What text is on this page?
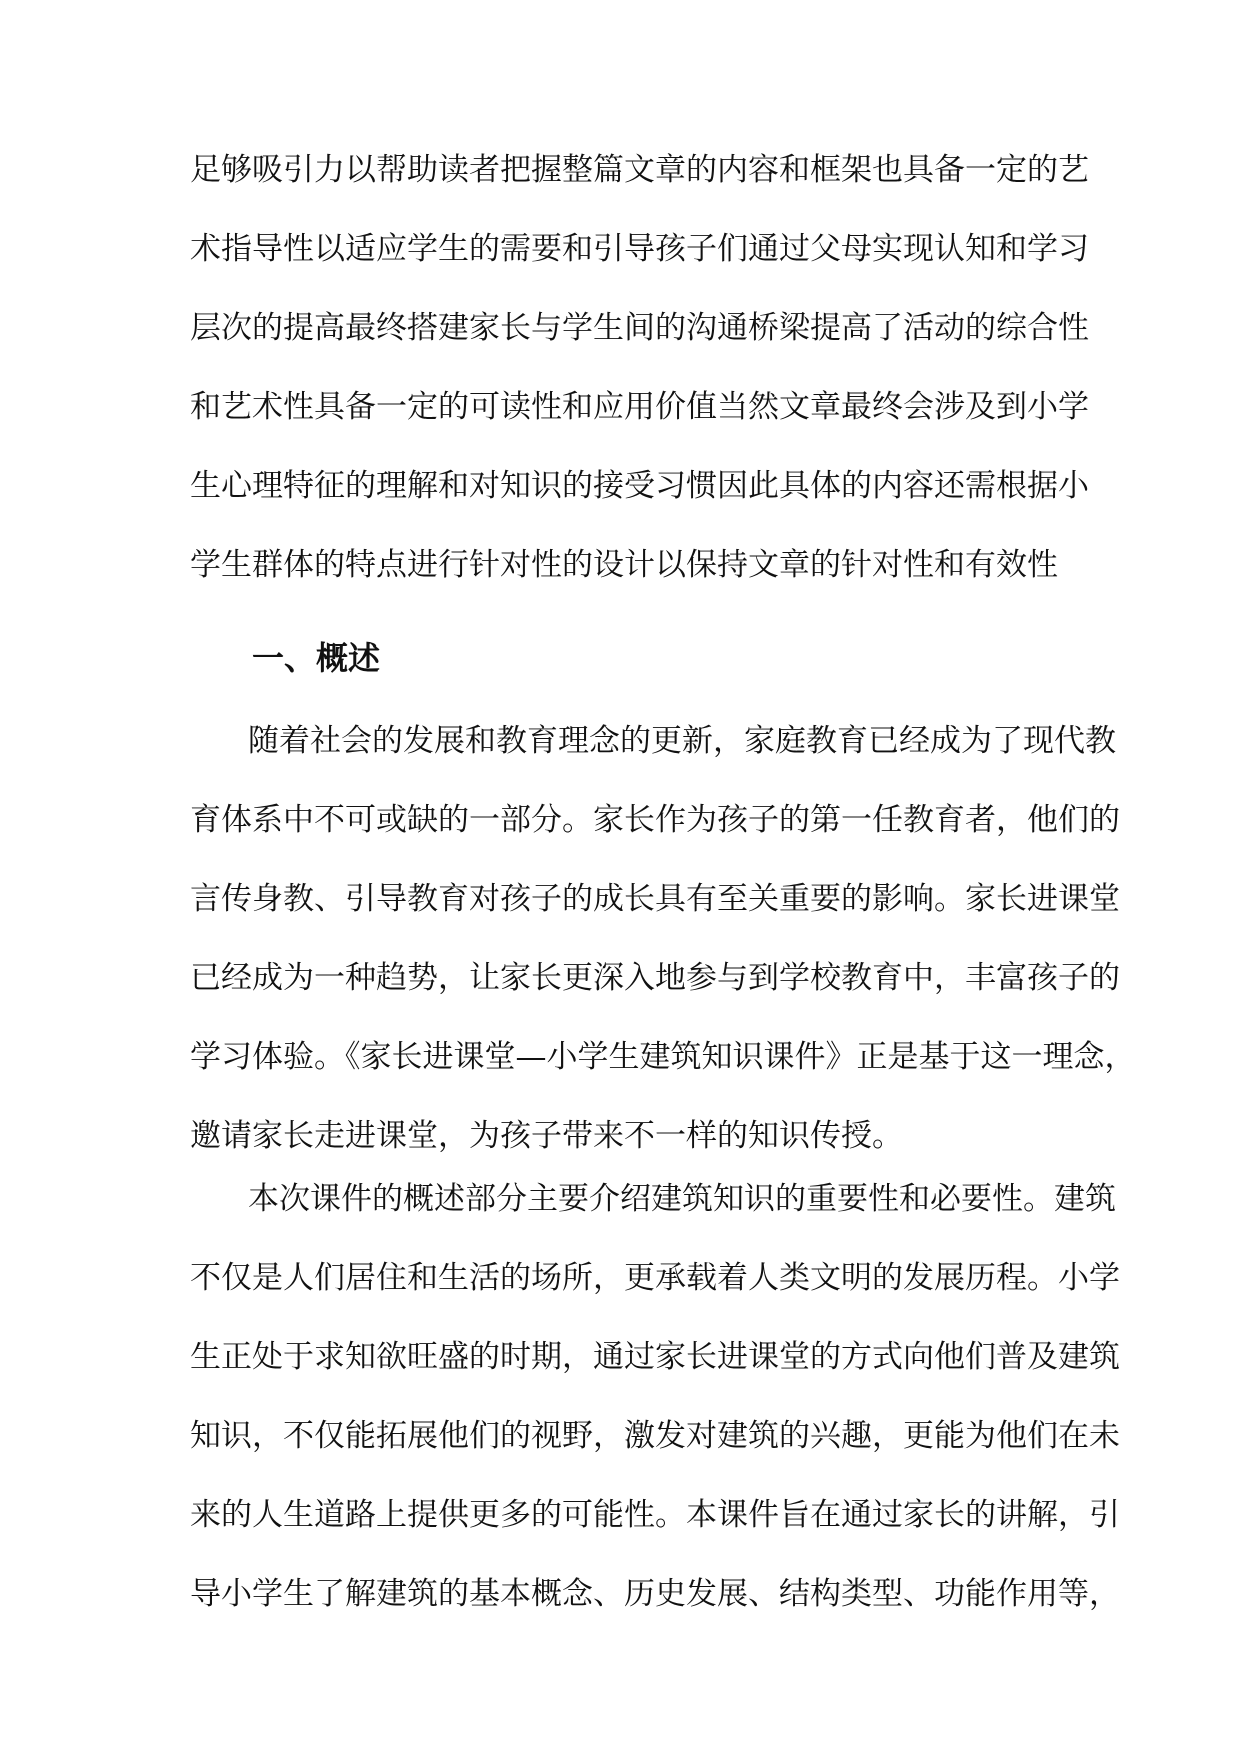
足够吸引力以帮助读者把握整篇文章的内容和框架也具备一定的艺
术指导性以适应学生的需要和引导孩子们通过父母实现认知和学习
层次的提高最终搭建家长与学生间的沟通桥梁提高了活动的综合性
和艺术性具备一定的可读性和应用价值当然文章最终会涉及到小学
生心理特征的理解和对知识的接受习惯因此具体的内容还需根据小
学生群体的特点进行针对性的设计以保持文章的针对性和有效性
一、概述
随着社会的发展和教育理念的更新，家庭教育已经成为了现代教
育体系中不可或缺的一部分。家长作为孩子的第一任教育者，他们的
言传身教、引导教育对孩子的成长具有至关重要的影响。家长进课堂
已经成为一种趋势，让家长更深入地参与到学校教育中，丰富孩子的
学习体验。《家长进课堂—小学生建筑知识课件》正是基于这一理念，
邀请家长走进课堂，为孩子带来不一样的知识传授。
本次课件的概述部分主要介绍建筑知识的重要性和必要性。建筑
不仅是人们居住和生活的场所，更承载着人类文明的发展历程。小学
生正处于求知欲旺盛的时期，通过家长进课堂的方式向他们普及建筑
知识，不仅能拓展他们的视野，激发对建筑的兴趣，更能为他们在未
来的人生道路上提供更多的可能性。本课件旨在通过家长的讲解，引
导小学生了解建筑的基本概念、历史发展、结构类型、功能作用等，
